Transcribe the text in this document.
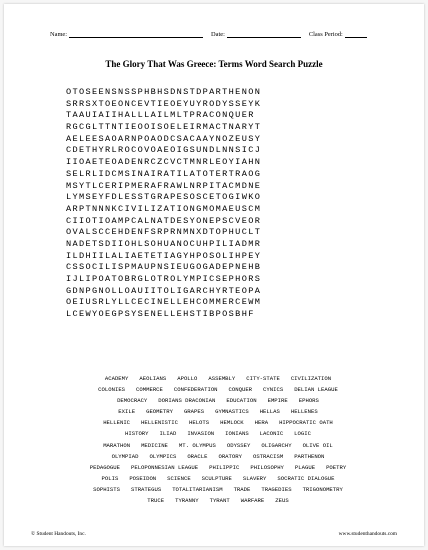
Name:	Date:	Class Period:
The Glory That Was Greece: Terms Word Search Puzzle
OTOSEENSNSSPHBHSDNSTDPARTHENON
SRRSXTOEONCEVTIEOEYUYRODYSSEYK
TAAUIAIIHALLLAILMLTPRACONQUER
RGCGLTTNTIEOOISOELEIRMACTNARYT
AELEESAOARNPOAODCSACAAYNOZEUSY
CDETHYRLROCOVOAEOIGSUNDLNNSICJ
IIOAETEOADENRCZCVCTMNRLEOYIAHN
SELRLIDCMSINAIRATILATOTERTRAOG
MSYTLCERIPMERAFRAWLNRPITACMDNE
LYMSEYFDLESSTGRAPESOSCETOGIWKO
ARPTNNNKCIVILIZATIONGMOMAEUSCM
CIIOTIOAMPCALNATDESYONEPSCVEOR
OVALSCCEHDENFSRPRNMNXDTOPHUCLT
NADETSDIIOHLSOHUANOCUHPILIADMR
ILDHIILALIAETETIAGYHPOSOLIHPEY
CSSOCILISPMAUPNSIEUGOGADEPNEHB
IJLIPOATOBRGLOTROLYMPICSEPHORS
GDNPGNOLLOAUIITOLIGARCHYRTEOPA
OEIUSRLYLLCECINELLEHCOMMERCEWM
LCEWYOEGPSYSENELLEHSTIBPOSBHF
ACADEMY AEOLIANS APOLLO ASSEMBLY CITY-STATE CIVILIZATION
COLONIES COMMERCE CONFEDERATION CONQUER CYNICS DELIAN LEAGUE
DEMOCRACY DORIANS DRACONIAN EDUCATION EMPIRE EPHORS
EXILE GEOMETRY GRAPES GYMNASTICS HELLAS HELLENES
HELLENIC HELLENISTIC HELOTS HEMLOCK HERA HIPPOCRATIC OATH
HISTORY ILIAD INVASION IONIANS LACONIC LOGIC
MARATHON MEDICINE MT. OLYMPUS ODYSSEY OLIGARCHY OLIVE OIL
OLYMPIAD OLYMPICS ORACLE ORATORY OSTRACISM PARTHENON
PEDAGOGUE PELOPONNESIAN LEAGUE PHILIPPIC PHILOSOPHY PLAGUE POETRY
POLIS POSEIDON SCIENCE SCULPTURE SLAVERY SOCRATIC DIALOGUE
SOPHISTS STRATEGUS TOTALITARIANISM TRADE TRAGEDIES TRIGONOMETRY
TRUCE TYRANNY TYRANT WARFARE ZEUS
© Student Handouts, Inc.	www.studenthandouts.com
